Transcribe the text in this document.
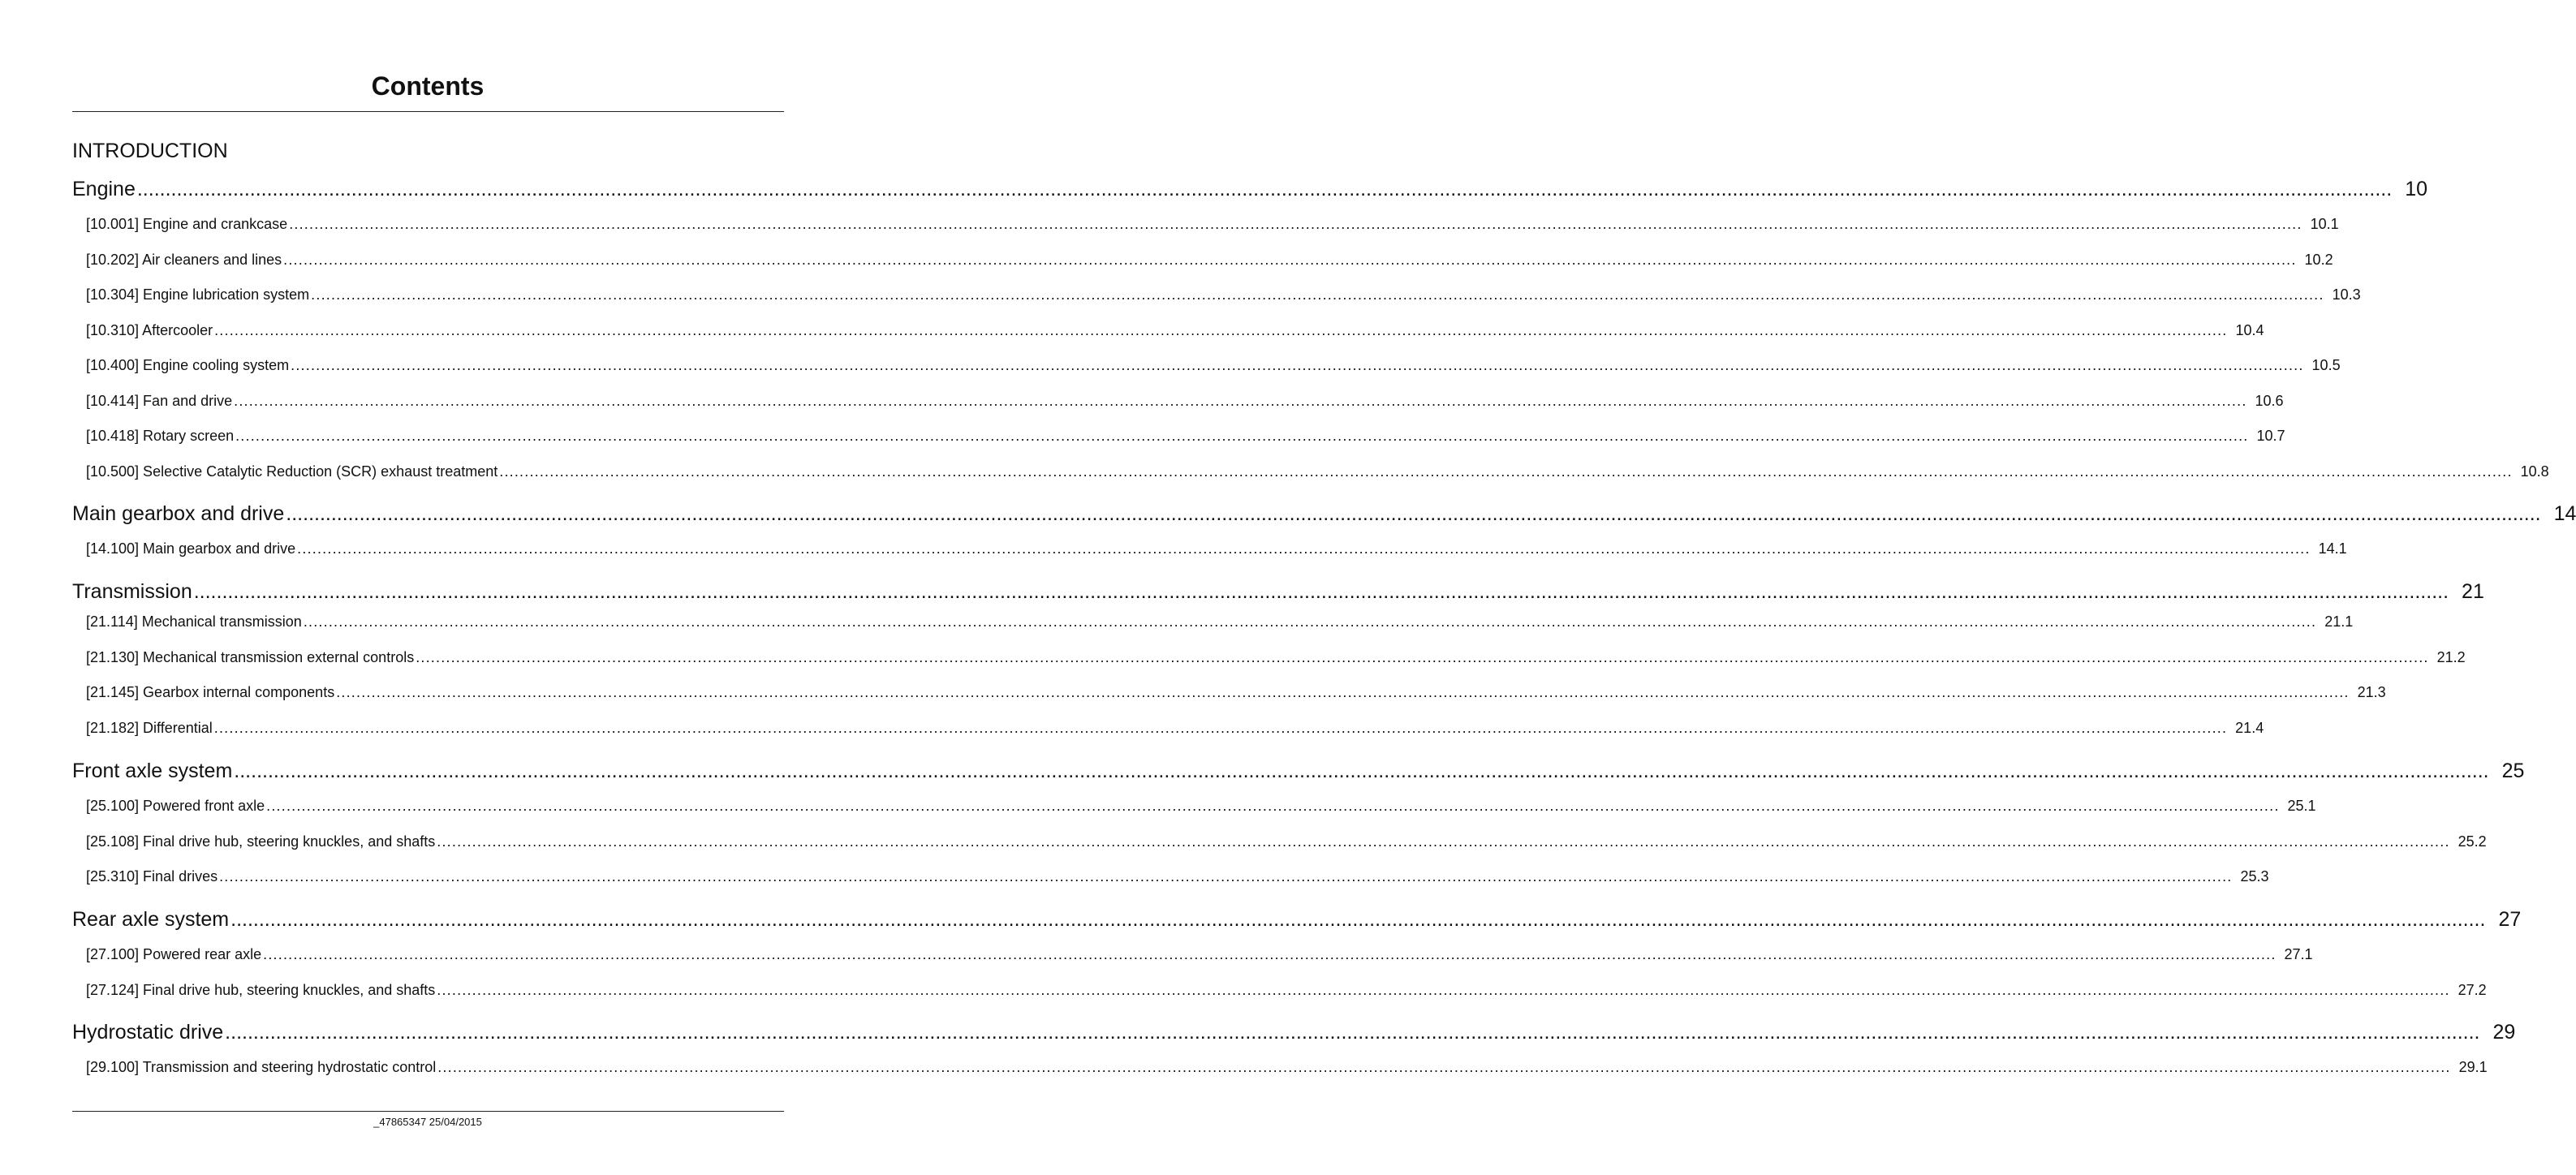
Contents
INTRODUCTION
Engine ................................................................................................................................................................................................................................................................................................................................................................................................................ 10
[10.001] Engine and crankcase ................................................................................................................................................................................................................................................................................................................................................................................................................ 10.1
[10.202] Air cleaners and lines ................................................................................................................................................................................................................................................................................................................................................................................................................ 10.2
[10.304] Engine lubrication system ................................................................................................................................................................................................................................................................................................................................................................................................................ 10.3
[10.310] Aftercooler ................................................................................................................................................................................................................................................................................................................................................................................................................ 10.4
[10.400] Engine cooling system ................................................................................................................................................................................................................................................................................................................................................................................................................ 10.5
[10.414] Fan and drive ................................................................................................................................................................................................................................................................................................................................................................................................................ 10.6
[10.418] Rotary screen ................................................................................................................................................................................................................................................................................................................................................................................................................ 10.7
[10.500] Selective Catalytic Reduction (SCR) exhaust treatment ................................................................................................................................................................................................................................................................................................................................................................................................................ 10.8
Main gearbox and drive ................................................................................................................................................................................................................................................................................................................................................................................................................ 14
[14.100] Main gearbox and drive ................................................................................................................................................................................................................................................................................................................................................................................................................ 14.1
Transmission ................................................................................................................................................................................................................................................................................................................................................................................................................ 21
[21.114] Mechanical transmission ................................................................................................................................................................................................................................................................................................................................................................................................................ 21.1
[21.130] Mechanical transmission external controls ................................................................................................................................................................................................................................................................................................................................................................................................................ 21.2
[21.145] Gearbox internal components ................................................................................................................................................................................................................................................................................................................................................................................................................ 21.3
[21.182] Differential ................................................................................................................................................................................................................................................................................................................................................................................................................ 21.4
Front axle system ................................................................................................................................................................................................................................................................................................................................................................................................................ 25
[25.100] Powered front axle ................................................................................................................................................................................................................................................................................................................................................................................................................ 25.1
[25.108] Final drive hub, steering knuckles, and shafts ................................................................................................................................................................................................................................................................................................................................................................................................................ 25.2
[25.310] Final drives ................................................................................................................................................................................................................................................................................................................................................................................................................ 25.3
Rear axle system ................................................................................................................................................................................................................................................................................................................................................................................................................ 27
[27.100] Powered rear axle ................................................................................................................................................................................................................................................................................................................................................................................................................ 27.1
[27.124] Final drive hub, steering knuckles, and shafts ................................................................................................................................................................................................................................................................................................................................................................................................................ 27.2
Hydrostatic drive ................................................................................................................................................................................................................................................................................................................................................................................................................ 29
[29.100] Transmission and steering hydrostatic control ................................................................................................................................................................................................................................................................................................................................................................................................................ 29.1
_47865347 25/04/2015
